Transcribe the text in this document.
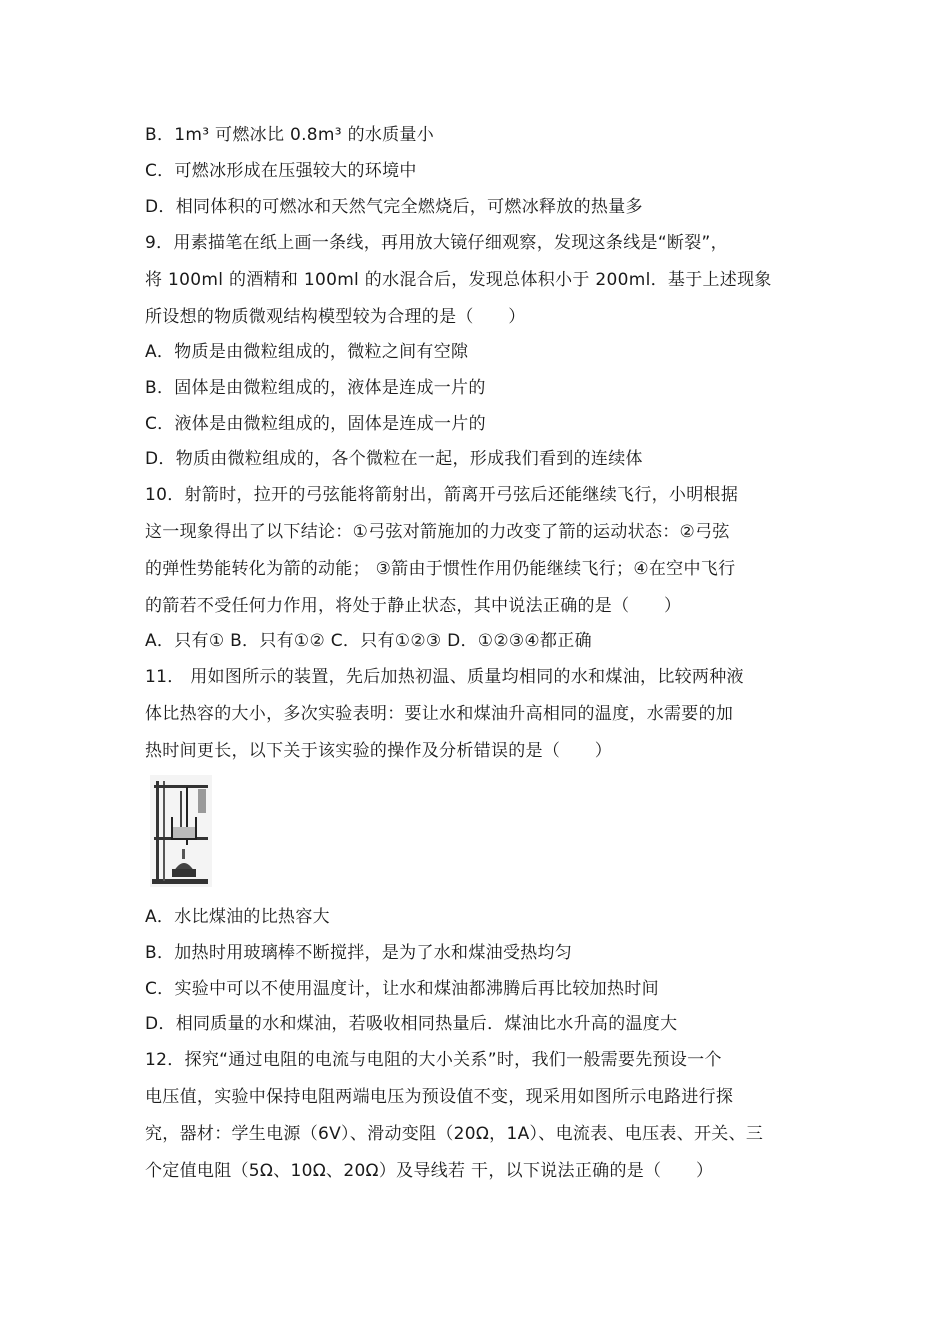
B．1m³ 可燃冰比 0.8m³ 的水质量小
C．可燃冰形成在压强较大的环境中
D．相同体积的可燃冰和天然气完全燃烧后，可燃冰释放的热量多
9．用素描笔在纸上画一条线，再用放大镜仔细观察，发现这条线是“断裂”，
将 100ml 的酒精和 100ml 的水混合后，发现总体积小于 200ml．基于上述现象
所设想的物质微观结构模型较为合理的是（　　）
A．物质是由微粒组成的，微粒之间有空隙
B．固体是由微粒组成的，液体是连成一片的
C．液体是由微粒组成的，固体是连成一片的
D．物质由微粒组成的，各个微粒在一起，形成我们看到的连续体
10．射箭时，拉开的弓弦能将箭射出，箭离开弓弦后还能继续飞行，小明根据
这一现象得出了以下结论：①弓弦对箭施加的力改变了箭的运动状态：②弓弦
的弹性势能转化为箭的动能； ③箭由于惯性作用仍能继续飞行；④在空中飞行
的箭若不受任何力作用，将处于静止状态，其中说法正确的是（　　）
A．只有① B．只有①② C．只有①②③ D．①②③④都正确
11． 用如图所示的装置，先后加热初温、质量均相同的水和煤油，比较两种液
体比热容的大小，多次实验表明：要让水和煤油升高相同的温度，水需要的加
热时间更长，以下关于该实验的操作及分析错误的是（　　）
A．水比煤油的比热容大
B．加热时用玻璃棒不断搅拌，是为了水和煤油受热均匀
C．实验中可以不使用温度计，让水和煤油都沸腾后再比较加热时间
D．相同质量的水和煤油，若吸收相同热量后．煤油比水升高的温度大
12．探究“通过电阻的电流与电阻的大小关系”时，我们一般需要先预设一个
电压值，实验中保持电阻两端电压为预设值不变，现采用如图所示电路进行探
究，器材：学生电源（6V）、滑动变阻（20Ω，1A）、电流表、电压表、开关、三
个定值电阻（5Ω、10Ω、20Ω）及导线若 干，以下说法正确的是（　　）
